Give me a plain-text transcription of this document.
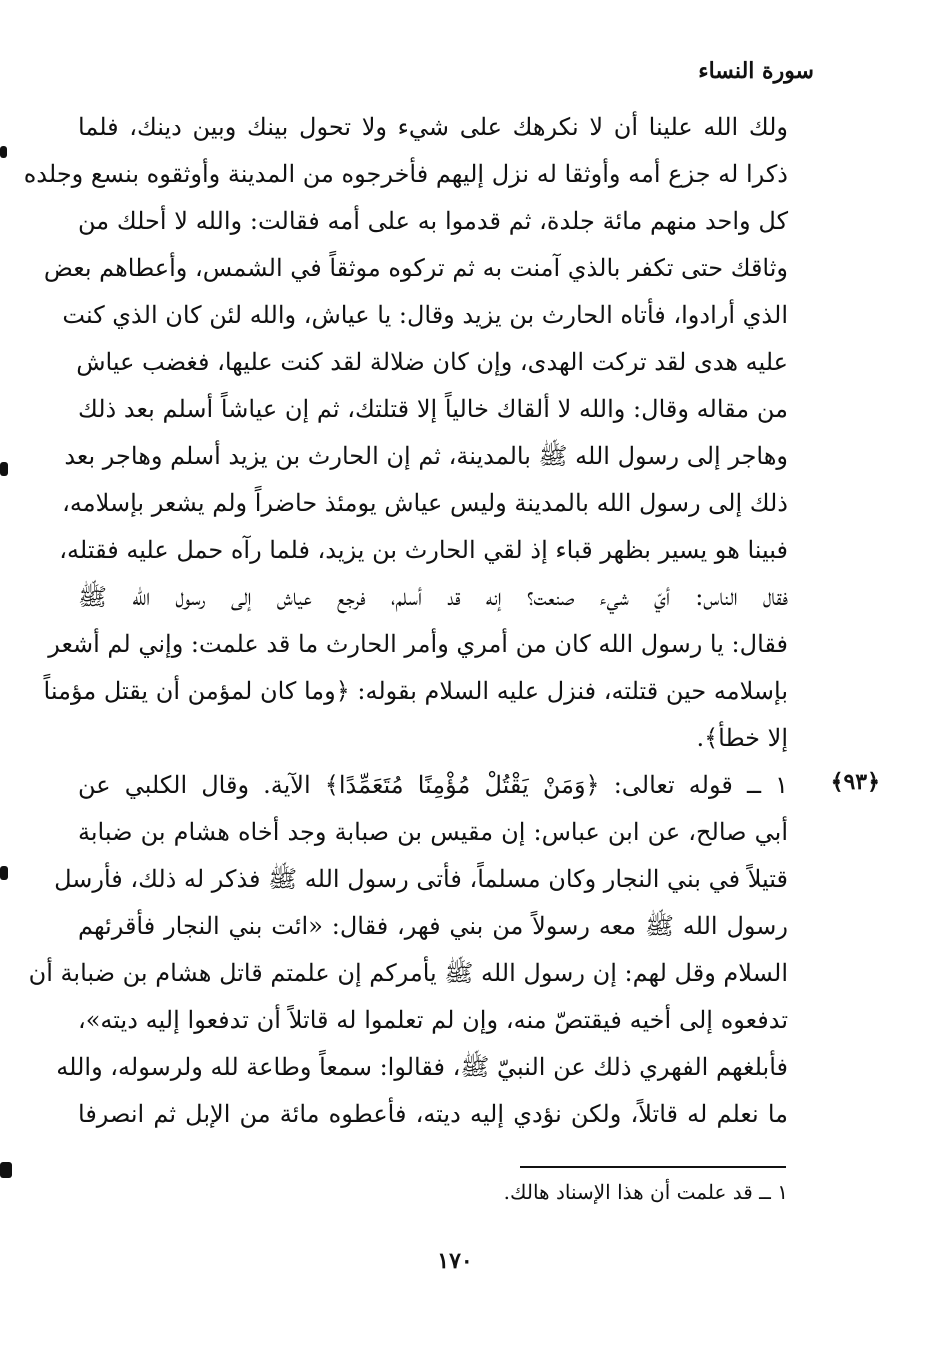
سورة النساء
ولك الله علينا أن لا نكرهك على شيء ولا تحول بينك وبين دينك، فلما
ذكرا له جزع أمه وأوثقا له نزل إليهم فأخرجوه من المدينة وأوثقوه بنسع وجلده
كل واحد منهم مائة جلدة، ثم قدموا به على أمه فقالت: والله لا أحلك من
وثاقك حتى تكفر بالذي آمنت به ثم تركوه موثقاً في الشمس، وأعطاهم بعض
الذي أرادوا، فأتاه الحارث بن يزيد وقال: يا عياش، والله لئن كان الذي كنت
عليه هدى لقد تركت الهدى، وإن كان ضلالة لقد كنت عليها، فغضب عياش
من مقاله وقال: والله لا ألقاك خالياً إلا قتلتك، ثم إن عياشاً أسلم بعد ذلك
وهاجر إلى رسول الله ﷺ بالمدينة، ثم إن الحارث بن يزيد أسلم وهاجر بعد
ذلك إلى رسول الله بالمدينة وليس عياش يومئذ حاضراً ولم يشعر بإسلامه،
فبينا هو يسير بظهر قباء إذ لقي الحارث بن يزيد، فلما رآه حمل عليه فقتله،
فقال الناس: أيّ شيء صنعت؟ إنه قد أسلم، فرجع عياش إلى رسول الله ﷺ
فقال: يا رسول الله كان من أمري وأمر الحارث ما قد علمت: وإني لم أشعر
بإسلامه حين قتلته، فنزل عليه السلام بقوله: ﴿وما كان لمؤمن أن يقتل مؤمناً
إلا خطأ﴾.
﴿٩٣﴾
١ ــ قوله تعالى: ﴿وَمَنْ يَقْتُلْ مُؤْمِنًا مُتَعَمِّدًا﴾ الآية. وقال الكلبي عن
أبي صالح، عن ابن عباس: إن مقيس بن صبابة وجد أخاه هشام بن ضبابة
قتيلاً في بني النجار وكان مسلماً، فأتى رسول الله ﷺ فذكر له ذلك، فأرسل
رسول الله ﷺ معه رسولاً من بني فهر، فقال: «ائت بني النجار فأقرئهم
السلام وقل لهم: إن رسول الله ﷺ يأمركم إن علمتم قاتل هشام بن ضبابة أن
تدفعوه إلى أخيه فيقتصّ منه، وإن لم تعلموا له قاتلاً أن تدفعوا إليه ديته»،
فأبلغهم الفهري ذلك عن النبيّ ﷺ، فقالوا: سمعاً وطاعة لله ولرسوله، والله
ما نعلم له قاتلاً، ولكن نؤدي إليه ديته، فأعطوه مائة من الإبل ثم انصرفا
١ ــ قد علمت أن هذا الإسناد هالك.
١٧٠
